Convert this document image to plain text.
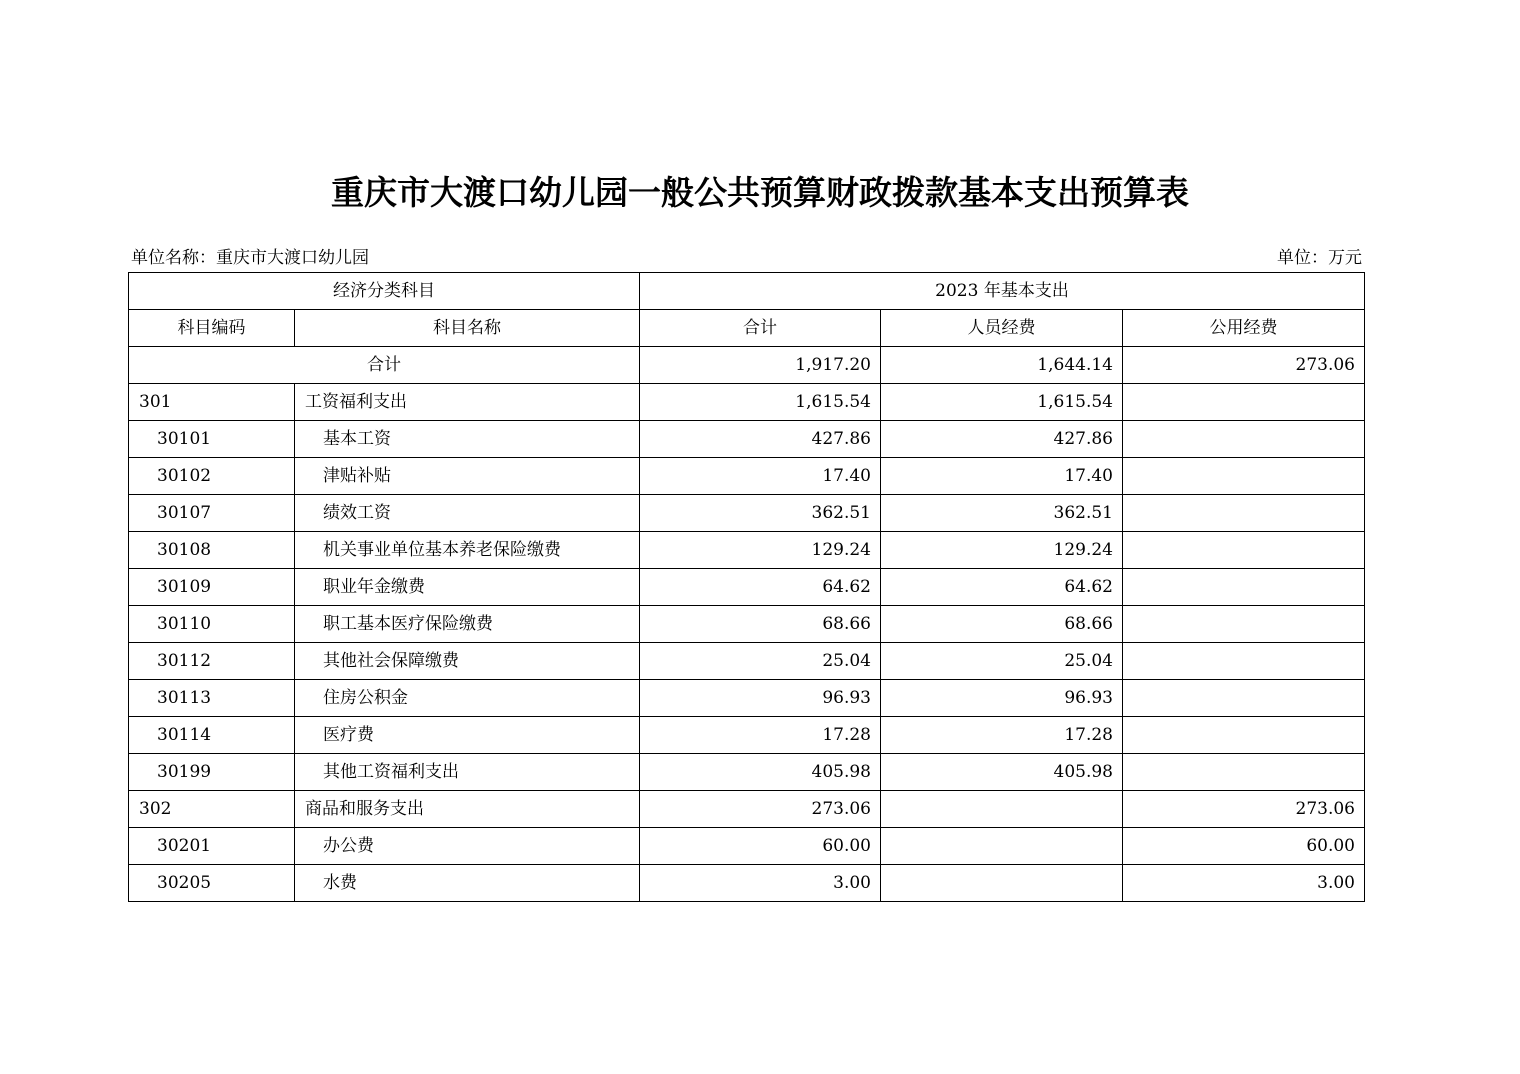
重庆市大渡口幼儿园一般公共预算财政拨款基本支出预算表
单位名称：重庆市大渡口幼儿园	单位：万元
经济分类科目		2023 年基本支出		
科目编码	科目名称	合计	人员经费	公用经费
合计		1,917.20	1,644.14	273.06
301	工资福利支出	1,615.54	1,615.54	
30101	基本工资	427.86	427.86	
30102	津贴补贴	17.40	17.40	
30107	绩效工资	362.51	362.51	
30108	机关事业单位基本养老保险缴费	129.24	129.24	
30109	职业年金缴费	64.62	64.62	
30110	职工基本医疗保险缴费	68.66	68.66	
30112	其他社会保障缴费	25.04	25.04	
30113	住房公积金	96.93	96.93	
30114	医疗费	17.28	17.28	
30199	其他工资福利支出	405.98	405.98	
302	商品和服务支出	273.06		273.06
30201	办公费	60.00		60.00
30205	水费	3.00		3.00
